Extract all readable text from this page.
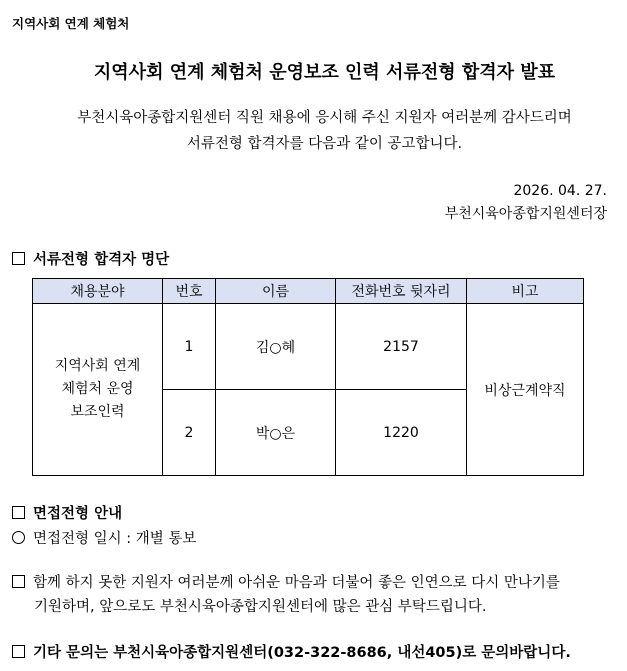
지역사회 연계 체험처
지역사회 연계 체험처 운영보조 인력 서류전형 합격자 발표
부천시육아종합지원센터 직원 채용에 응시해 주신 지원자 여러분께 감사드리며
서류전형 합격자를 다음과 같이 공고합니다.
2026. 04. 27.
부천시육아종합지원센터장
서류전형 합격자 명단
채용분야	번호	이름	전화번호 뒷자리	비고

지역사회 연계
체험처 운영
보조인력	1	김○혜	2157	비상근계약직
	2	박○은	1220	
면접전형 안내
면접전형 일시 : 개별 통보
함께 하지 못한 지원자 여러분께 아쉬운 마음과 더불어 좋은 인연으로 다시 만나기를
기원하며, 앞으로도 부천시육아종합지원센터에 많은 관심 부탁드립니다.
기타 문의는 부천시육아종합지원센터(032-322-8686, 내선405)로 문의바랍니다.
